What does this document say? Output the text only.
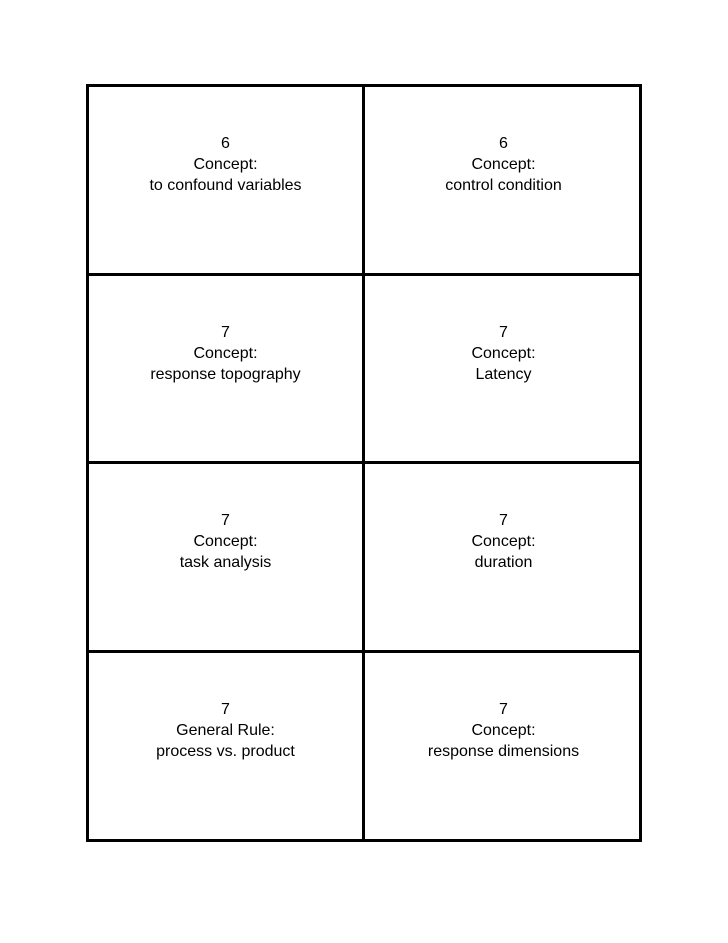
6
Concept:
to confound variables
6
Concept:
control condition
7
Concept:
response topography
7
Concept:
Latency
7
Concept:
task analysis
7
Concept:
duration
7
General Rule:
process vs. product
7
Concept:
response dimensions
